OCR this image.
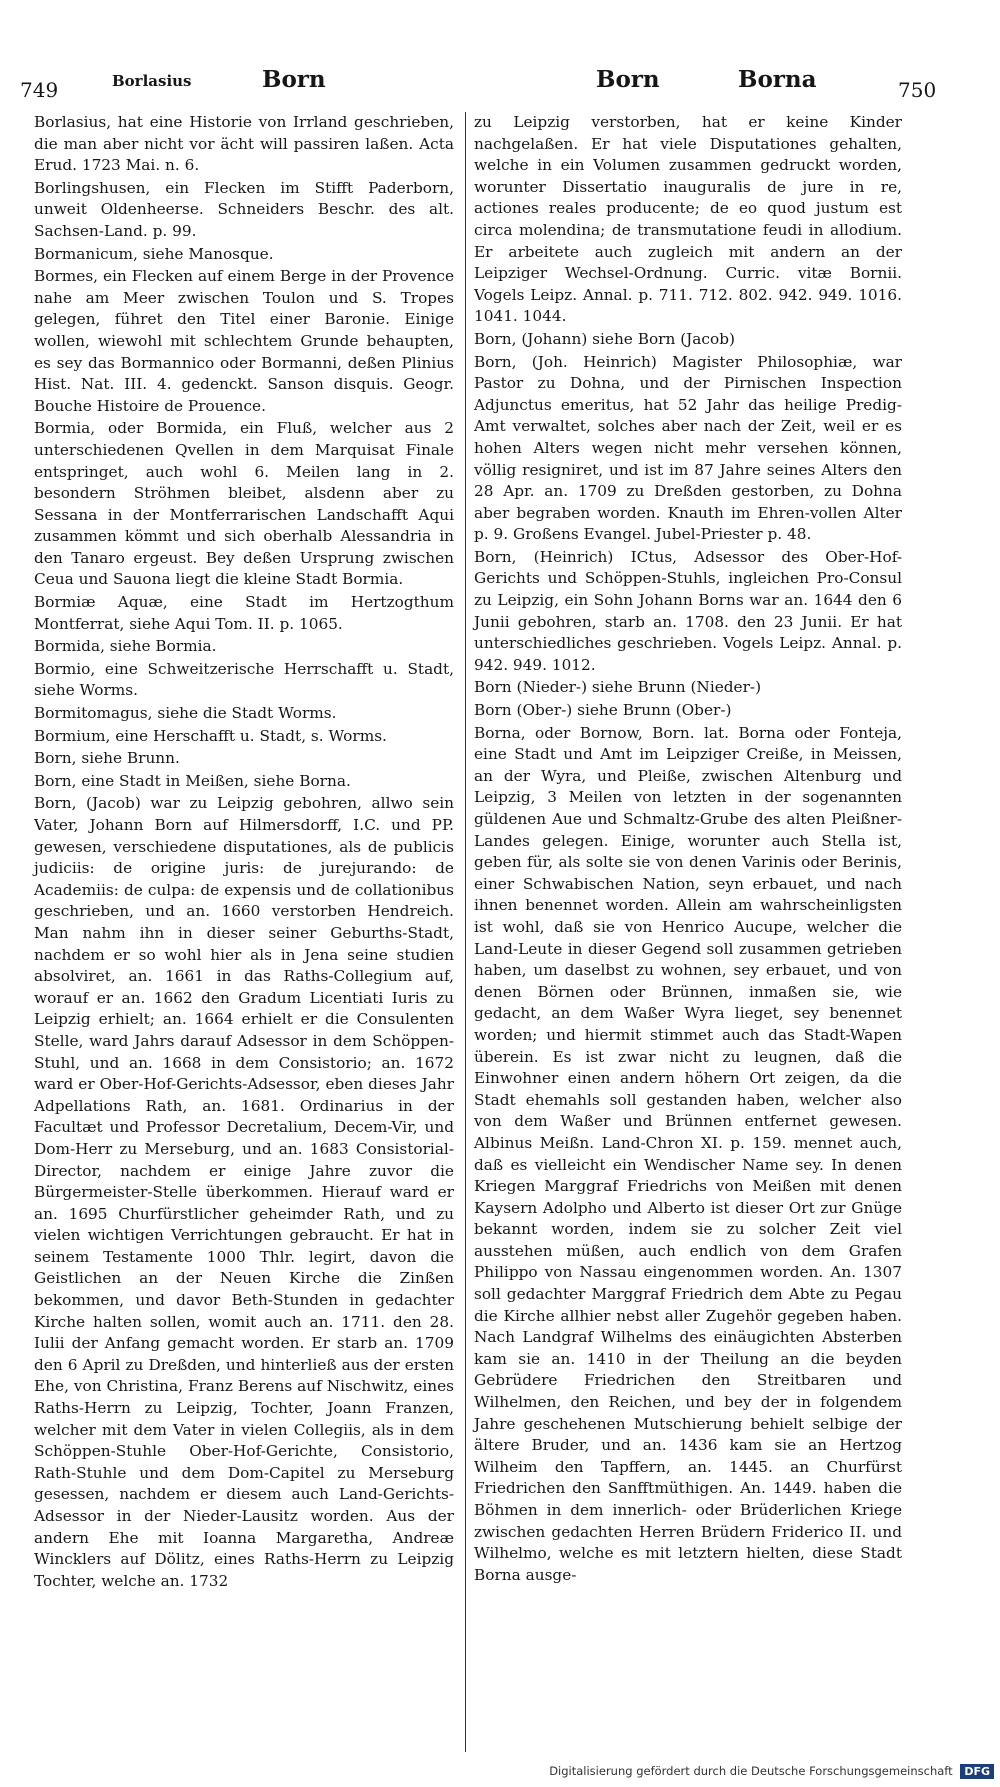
749	Borlasius	Born	Born	Borna	750

Borlasius, hat eine Historie von Irrland geschrieben, die man aber nicht vor ächt will passiren laßen. Acta Erud. 1723 Mai. n. 6.

Borlingshusen, ein Flecken im Stifft Paderborn, unweit Oldenheerse. Schneiders Beschr. des alt. Sachsen-Land. p. 99.

Bormanicum, siehe Manosque.

Bormes, ein Flecken auf einem Berge in der Provence nahe am Meer zwischen Toulon und S. Tropes gelegen, führet den Titel einer Baronie. Einige wollen, wiewohl mit schlechtem Grunde behaupten, es sey das Bormannico oder Bormanni, deßen Plinius Hist. Nat. III. 4. gedenckt. Sanson disquis. Geogr. Bouche Histoire de Prouence.

Bormia, oder Bormida, ein Fluß, welcher aus 2 unterschiedenen Qvellen in dem Marquisat Finale entspringet, auch wohl 6. Meilen lang in 2. besondern Ströhmen bleibet, alsdenn aber zu Sessana in der Montferrarischen Landschafft Aqui zusammen kömmt und sich oberhalb Alessandria in den Tanaro ergeust. Bey deßen Ursprung zwischen Ceua und Sauona liegt die kleine Stadt Bormia.

Bormiæ Aquæ, eine Stadt im Hertzogthum Montferrat, siehe Aqui Tom. II. p. 1065.

Bormida, siehe Bormia.

Bormio, eine Schweitzerische Herrschafft u. Stadt, siehe Worms.

Bormitomagus, siehe die Stadt Worms.

Bormium, eine Herschafft u. Stadt, s. Worms.

Born, siehe Brunn.

Born, eine Stadt in Meißen, siehe Borna.

Born, (Jacob) war zu Leipzig gebohren, allwo sein Vater, Johann Born auf Hilmersdorff, I.C. und PP. gewesen, verschiedene disputationes, als de publicis judiciis: de origine juris: de jurejurando: de Academiis: de culpa: de expensis und de collationibus geschrieben, und an. 1660 verstorben Hendreich. Man nahm ihn in dieser seiner Geburths-Stadt, nachdem er so wohl hier als in Jena seine studien absolviret, an. 1661 in das Raths-Collegium auf, worauf er an. 1662 den Gradum Licentiati Iuris zu Leipzig erhielt; an. 1664 erhielt er die Consulenten Stelle, ward Jahrs darauf Adsessor in dem Schöppen-Stuhl, und an. 1668 in dem Consistorio; an. 1672 ward er Ober-Hof-Gerichts-Adsessor, eben dieses Jahr Adpellations Rath, an. 1681. Ordinarius in der Facultæt und Professor Decretalium, Decem-Vir, und Dom-Herr zu Merseburg, und an. 1683 Consistorial-Director, nachdem er einige Jahre zuvor die Bürgermeister-Stelle überkommen. Hierauf ward er an. 1695 Churfürstlicher geheimder Rath, und zu vielen wichtigen Verrichtungen gebraucht. Er hat in seinem Testamente 1000 Thlr. legirt, davon die Geistlichen an der Neuen Kirche die Zinßen bekommen, und davor Beth-Stunden in gedachter Kirche halten sollen, womit auch an. 1711. den 28. Iulii der Anfang gemacht worden. Er starb an. 1709 den 6 April zu Dreßden, und hinterließ aus der ersten Ehe, von Christina, Franz Berens auf Nischwitz, eines Raths-Herrn zu Leipzig, Tochter, Joann Franzen, welcher mit dem Vater in vielen Collegiis, als in dem Schöppen-Stuhle Ober-Hof-Gerichte, Consistorio, Rath-Stuhle und dem Dom-Capitel zu Merseburg gesessen, nachdem er diesem auch Land-Gerichts-Adsessor in der Nieder-Lausitz worden. Aus der andern Ehe mit Ioanna Margaretha, Andreæ Wincklers auf Dölitz, eines Raths-Herrn zu Leipzig Tochter, welche an. 1732

zu Leipzig verstorben, hat er keine Kinder nachgelaßen. Er hat viele Disputationes gehalten, welche in ein Volumen zusammen gedruckt worden, worunter Dissertatio inauguralis de jure in re, actiones reales producente; de eo quod justum est circa molendina; de transmutatione feudi in allodium. Er arbeitete auch zugleich mit andern an der Leipziger Wechsel-Ordnung. Curric. vitæ Bornii. Vogels Leipz. Annal. p. 711. 712. 802. 942. 949. 1016. 1041. 1044.

Born, (Johann) siehe Born (Jacob)

Born, (Joh. Heinrich) Magister Philosophiæ, war Pastor zu Dohna, und der Pirnischen Inspection Adjunctus emeritus, hat 52 Jahr das heilige Predig-Amt verwaltet, solches aber nach der Zeit, weil er es hohen Alters wegen nicht mehr versehen können, völlig resigniret, und ist im 87 Jahre seines Alters den 28 Apr. an. 1709 zu Dreßden gestorben, zu Dohna aber begraben worden. Knauth im Ehren-vollen Alter p. 9. Großens Evangel. Jubel-Priester p. 48.

Born, (Heinrich) ICtus, Adsessor des Ober-Hof-Gerichts und Schöppen-Stuhls, ingleichen Pro-Consul zu Leipzig, ein Sohn Johann Borns war an. 1644 den 6 Junii gebohren, starb an. 1708. den 23 Junii. Er hat unterschiedliches geschrieben. Vogels Leipz. Annal. p. 942. 949. 1012.

Born (Nieder-) siehe Brunn (Nieder-)

Born (Ober-) siehe Brunn (Ober-)

Borna, oder Bornow, Born. lat. Borna oder Fonteja, eine Stadt und Amt im Leipziger Creiße, in Meissen, an der Wyra, und Pleiße, zwischen Altenburg und Leipzig, 3 Meilen von letzten in der sogenannten güldenen Aue und Schmaltz-Grube des alten Pleißner-Landes gelegen. Einige, worunter auch Stella ist, geben für, als solte sie von denen Varinis oder Berinis, einer Schwabischen Nation, seyn erbauet, und nach ihnen benennet worden. Allein am wahrscheinligsten ist wohl, daß sie von Henrico Aucupe, welcher die Land-Leute in dieser Gegend soll zusammen getrieben haben, um daselbst zu wohnen, sey erbauet, und von denen Börnen oder Brünnen, inmaßen sie, wie gedacht, an dem Waßer Wyra lieget, sey benennet worden; und hiermit stimmet auch das Stadt-Wapen überein. Es ist zwar nicht zu leugnen, daß die Einwohner einen andern höhern Ort zeigen, da die Stadt ehemahls soll gestanden haben, welcher also von dem Waßer und Brünnen entfernet gewesen. Albinus Meißn. Land-Chron XI. p. 159. mennet auch, daß es vielleicht ein Wendischer Name sey. In denen Kriegen Marggraf Friedrichs von Meißen mit denen Kaysern Adolpho und Alberto ist dieser Ort zur Gnüge bekannt worden, indem sie zu solcher Zeit viel ausstehen müßen, auch endlich von dem Grafen Philippo von Nassau eingenommen worden. An. 1307 soll gedachter Marggraf Friedrich dem Abte zu Pegau die Kirche allhier nebst aller Zugehör gegeben haben. Nach Landgraf Wilhelms des einäugichten Absterben kam sie an. 1410 in der Theilung an die beyden Gebrüdere Friedrichen den Streitbaren und Wilhelmen, den Reichen, und bey der in folgendem Jahre geschehenen Mutschierung behielt selbige der ältere Bruder, und an. 1436 kam sie an Hertzog Wilheim den Tapffern, an. 1445. an Churfürst Friedrichen den Sanfftmüthigen. An. 1449. haben die Böhmen in dem innerlich- oder Brüderlichen Kriege zwischen gedachten Herren Brüdern Friderico II. und Wilhelmo, welche es mit letztern hielten, diese Stadt Borna ausge-

Digitalisierung gefördert durch die Deutsche Forschungsgemeinschaft DFG
